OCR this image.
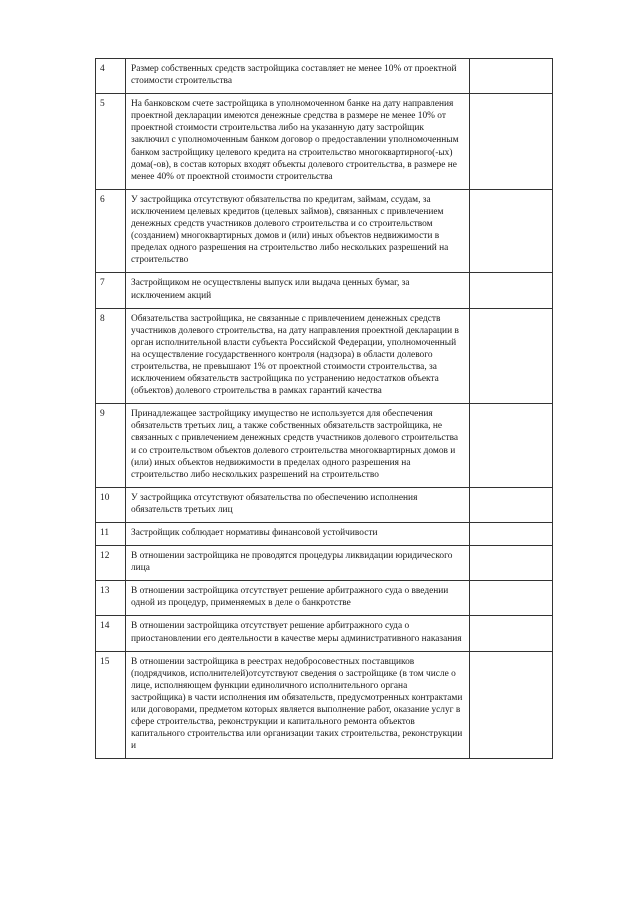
4	Размер собственных средств застройщика составляет не менее 10% от проектной стоимости строительства	
5	На банковском счете застройщика в уполномоченном банке на дату направления проектной декларации имеются денежные средства в размере не менее 10% от проектной стоимости строительства либо на указанную дату застройщик заключил с уполномоченным банком договор о предоставлении уполномоченным банком застройщику целевого кредита на строительство многоквартирного(-ых) дома(-ов), в состав которых входят объекты долевого строительства, в размере не менее 40% от проектной стоимости строительства	
6	У застройщика отсутствуют обязательства по кредитам, займам, ссудам, за исключением целевых кредитов (целевых займов), связанных с привлечением денежных средств участников долевого строительства и со строительством (созданием) многоквартирных домов и (или) иных объектов недвижимости в пределах одного разрешения на строительство либо нескольких разрешений на строительство	
7	Застройщиком не осуществлены выпуск или выдача ценных бумаг, за исключением акций	
8	Обязательства застройщика, не связанные с привлечением денежных средств участников долевого строительства, на дату направления проектной декларации в орган исполнительной власти субъекта Российской Федерации, уполномоченный на осуществление государственного контроля (надзора) в области долевого строительства, не превышают 1% от проектной стоимости строительства, за исключением обязательств застройщика по устранению недостатков объекта (объектов) долевого строительства в рамках гарантий качества	
9	Принадлежащее застройщику имущество не используется для обеспечения обязательств третьих лиц, а также собственных обязательств застройщика, не связанных с привлечением денежных средств участников долевого строительства и со строительством объектов долевого строительства многоквартирных домов и (или) иных объектов недвижимости в пределах одного разрешения на строительство либо нескольких разрешений на строительство	
10	У застройщика отсутствуют обязательства по обеспечению исполнения обязательств третьих лиц	
11	Застройщик соблюдает нормативы финансовой устойчивости	
12	В отношении застройщика не проводятся процедуры ликвидации юридического лица	
13	В отношении застройщика отсутствует решение арбитражного суда о введении одной из процедур, применяемых в деле о банкротстве	
14	В отношении застройщика отсутствует решение арбитражного суда о приостановлении его деятельности в качестве меры административного наказания	
15	В отношении застройщика в реестрах недобросовестных поставщиков (подрядчиков, исполнителей)отсутствуют сведения о застройщике (в том числе о лице, исполняющем функции единоличного исполнительного органа застройщика) в части исполнения им обязательств, предусмотренных контрактами или договорами, предметом которых является выполнение работ, оказание услуг в сфере строительства, реконструкции и капитального ремонта объектов капитального строительства или организации таких строительства, реконструкции и	
